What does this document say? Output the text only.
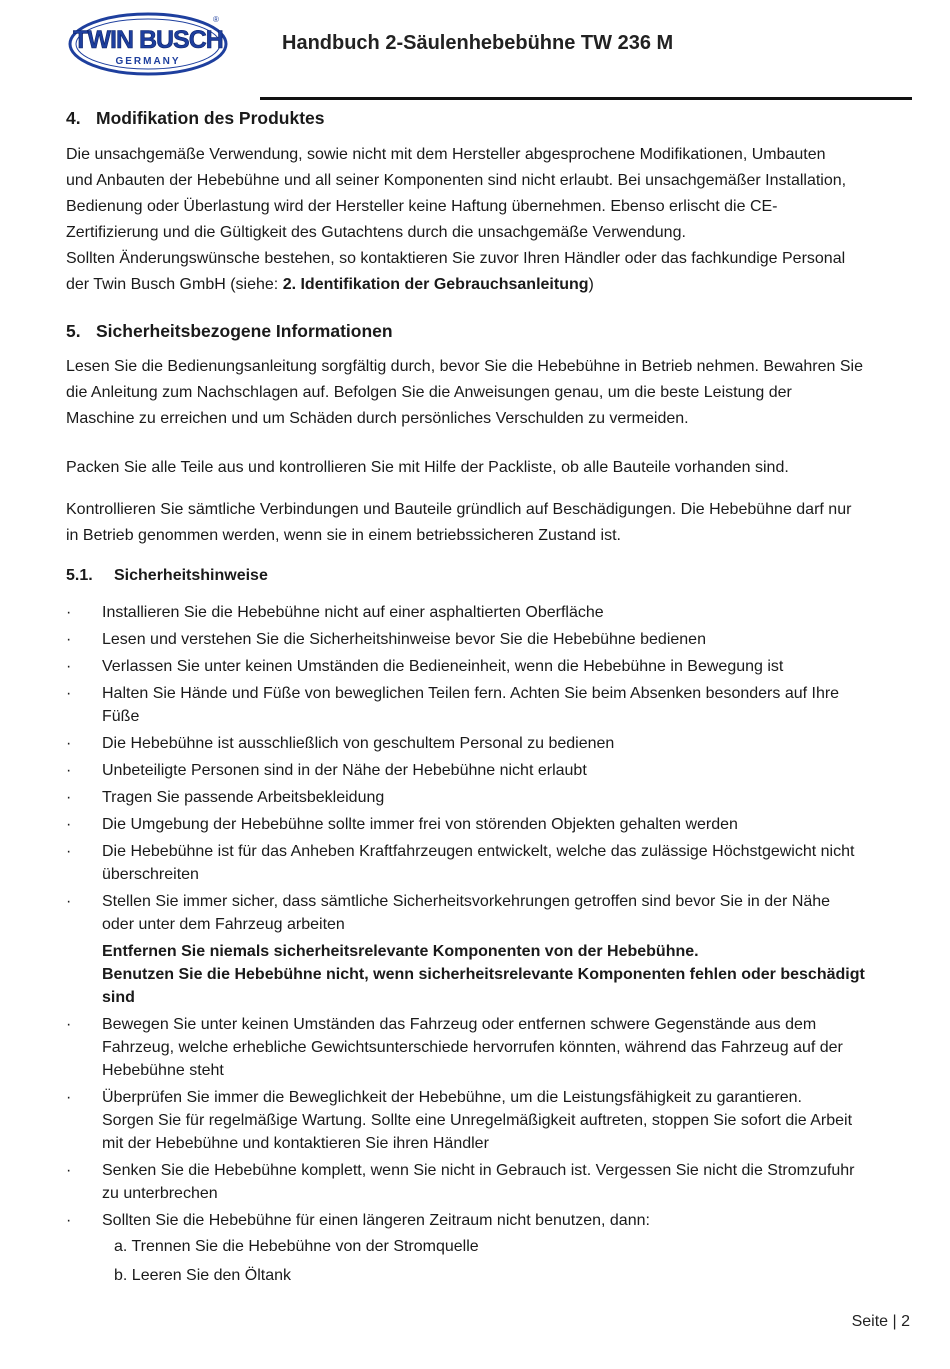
TWIN BUSCH
GERMANY
®
Handbuch 2-Säulenhebebühne TW 236 M
4. Modifikation des Produktes

Die unsachgemäße Verwendung, sowie nicht mit dem Hersteller abgesprochene Modifikationen, Umbauten

und Anbauten der Hebebühne und all seiner Komponenten sind nicht erlaubt. Bei unsachgemäßer Installation,

Bedienung oder Überlastung wird der Hersteller keine Haftung übernehmen. Ebenso erlischt die CE-

Zertifizierung und die Gültigkeit des Gutachtens durch die unsachgemäße Verwendung.

Sollten Änderungswünsche bestehen, so kontaktieren Sie zuvor Ihren Händler oder das fachkundige Personal

der Twin Busch GmbH (siehe: 2. Identifikation der Gebrauchsanleitung)

5. Sicherheitsbezogene Informationen

Lesen Sie die Bedienungsanleitung sorgfältig durch, bevor Sie die Hebebühne in Betrieb nehmen. Bewahren Sie

die Anleitung zum Nachschlagen auf. Befolgen Sie die Anweisungen genau, um die beste Leistung der

Maschine zu erreichen und um Schäden durch persönliches Verschulden zu vermeiden.

Packen Sie alle Teile aus und kontrollieren Sie mit Hilfe der Packliste, ob alle Bauteile vorhanden sind.

Kontrollieren Sie sämtliche Verbindungen und Bauteile gründlich auf Beschädigungen. Die Hebebühne darf nur

in Betrieb genommen werden, wenn sie in einem betriebssicheren Zustand ist.

5.1. Sicherheitshinweise
· Installieren Sie die Hebebühne nicht auf einer asphaltierten Oberfläche
· Lesen und verstehen Sie die Sicherheitshinweise bevor Sie die Hebebühne bedienen
· Verlassen Sie unter keinen Umständen die Bedieneinheit, wenn die Hebebühne in Bewegung ist
· Halten Sie Hände und Füße von beweglichen Teilen fern. Achten Sie beim Absenken besonders auf Ihre
Füße
· Die Hebebühne ist ausschließlich von geschultem Personal zu bedienen
· Unbeteiligte Personen sind in der Nähe der Hebebühne nicht erlaubt
· Tragen Sie passende Arbeitsbekleidung
· Die Umgebung der Hebebühne sollte immer frei von störenden Objekten gehalten werden
· Die Hebebühne ist für das Anheben Kraftfahrzeugen entwickelt, welche das zulässige Höchstgewicht nicht
überschreiten
· Stellen Sie immer sicher, dass sämtliche Sicherheitsvorkehrungen getroffen sind bevor Sie in der Nähe
oder unter dem Fahrzeug arbeiten
Entfernen Sie niemals sicherheitsrelevante Komponenten von der Hebebühne.
Benutzen Sie die Hebebühne nicht, wenn sicherheitsrelevante Komponenten fehlen oder beschädigt
sind
· Bewegen Sie unter keinen Umständen das Fahrzeug oder entfernen schwere Gegenstände aus dem
Fahrzeug, welche erhebliche Gewichtsunterschiede hervorrufen könnten, während das Fahrzeug auf der
Hebebühne steht
· Überprüfen Sie immer die Beweglichkeit der Hebebühne, um die Leistungsfähigkeit zu garantieren.
Sorgen Sie für regelmäßige Wartung. Sollte eine Unregelmäßigkeit auftreten, stoppen Sie sofort die Arbeit
mit der Hebebühne und kontaktieren Sie ihren Händler
· Senken Sie die Hebebühne komplett, wenn Sie nicht in Gebrauch ist. Vergessen Sie nicht die Stromzufuhr
zu unterbrechen
· Sollten Sie die Hebebühne für einen längeren Zeitraum nicht benutzen, dann:
a. Trennen Sie die Hebebühne von der Stromquelle
b. Leeren Sie den Öltank
Seite | 2
